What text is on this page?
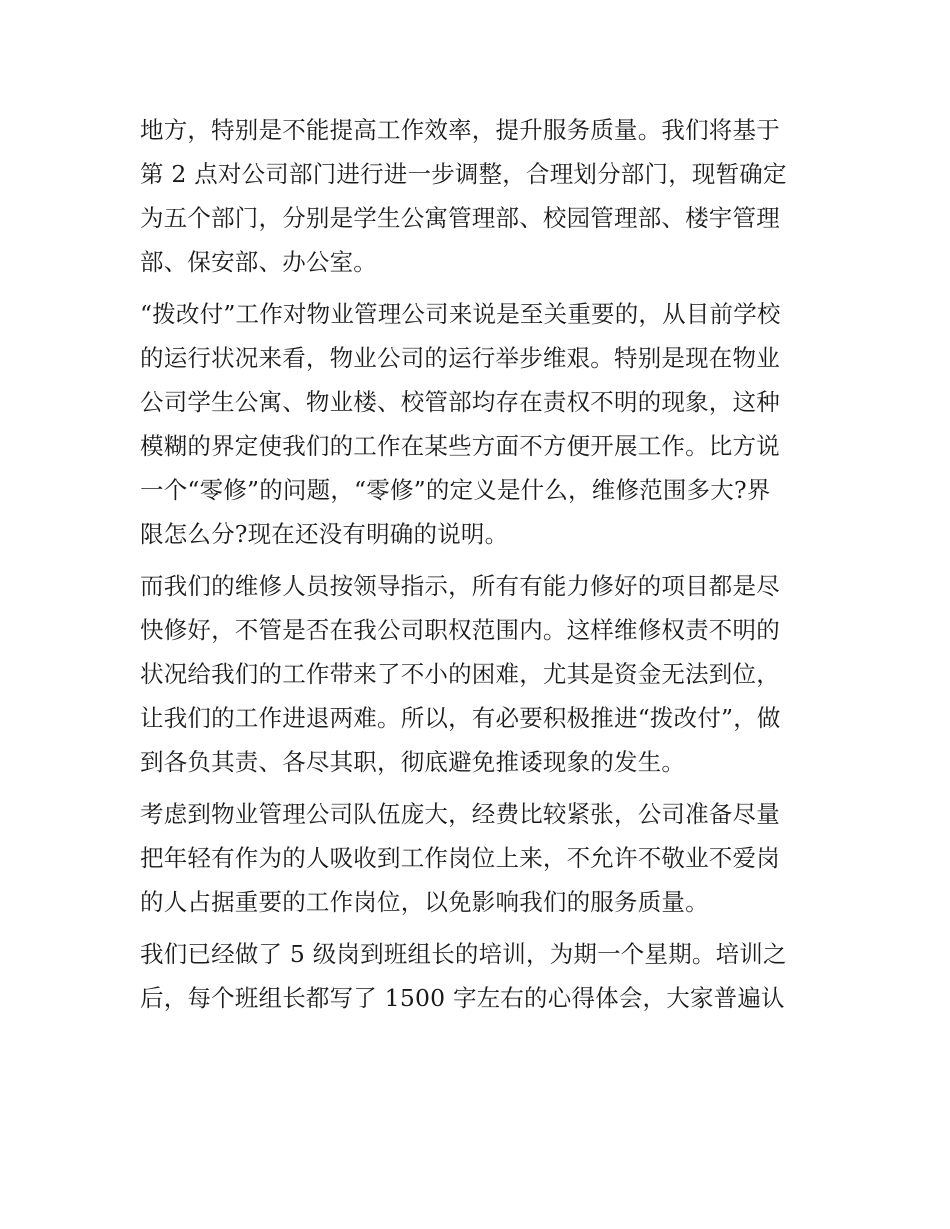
地方，特别是不能提高工作效率，提升服务质量。我们将基于
第 2 点对公司部门进行进一步调整，合理划分部门，现暂确定
为五个部门，分别是学生公寓管理部、校园管理部、楼宇管理
部、保安部、办公室。
“拨改付”工作对物业管理公司来说是至关重要的，从目前学校
的运行状况来看，物业公司的运行举步维艰。特别是现在物业
公司学生公寓、物业楼、校管部均存在责权不明的现象，这种
模糊的界定使我们的工作在某些方面不方便开展工作。比方说
一个“零修”的问题，“零修”的定义是什么，维修范围多大?界
限怎么分?现在还没有明确的说明。
而我们的维修人员按领导指示，所有有能力修好的项目都是尽
快修好，不管是否在我公司职权范围内。这样维修权责不明的
状况给我们的工作带来了不小的困难，尤其是资金无法到位，
让我们的工作进退两难。所以，有必要积极推进“拨改付”，做
到各负其责、各尽其职，彻底避免推诿现象的发生。
考虑到物业管理公司队伍庞大，经费比较紧张，公司准备尽量
把年轻有作为的人吸收到工作岗位上来，不允许不敬业不爱岗
的人占据重要的工作岗位，以免影响我们的服务质量。
我们已经做了 5 级岗到班组长的培训，为期一个星期。培训之
后，每个班组长都写了 1500 字左右的心得体会，大家普遍认
